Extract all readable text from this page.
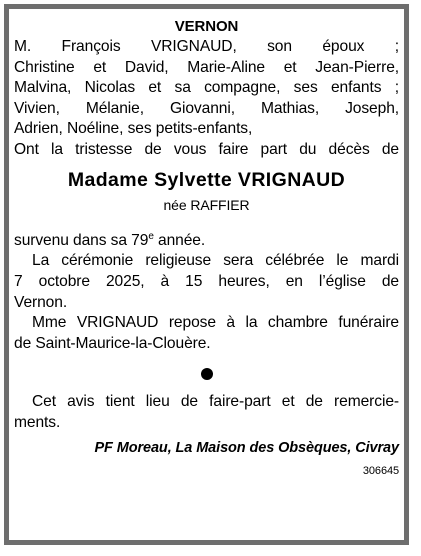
VERNON
M. François VRIGNAUD, son époux ;
Christine et David, Marie-Aline et Jean-Pierre,
Malvina, Nicolas et sa compagne, ses enfants ;
Vivien, Mélanie, Giovanni, Mathias, Joseph,
Adrien, Noéline, ses petits-enfants,
Ont la tristesse de vous faire part du décès de
Madame Sylvette VRIGNAUD
née RAFFIER
survenu dans sa 79e année.
La cérémonie religieuse sera célébrée le mardi
7 octobre 2025, à 15 heures, en l’église de
Vernon.
Mme VRIGNAUD repose à la chambre funéraire
de Saint-Maurice-la-Clouère.
Cet avis tient lieu de faire-part et de remercie-
ments.
PF Moreau, La Maison des Obsèques, Civray
306645
